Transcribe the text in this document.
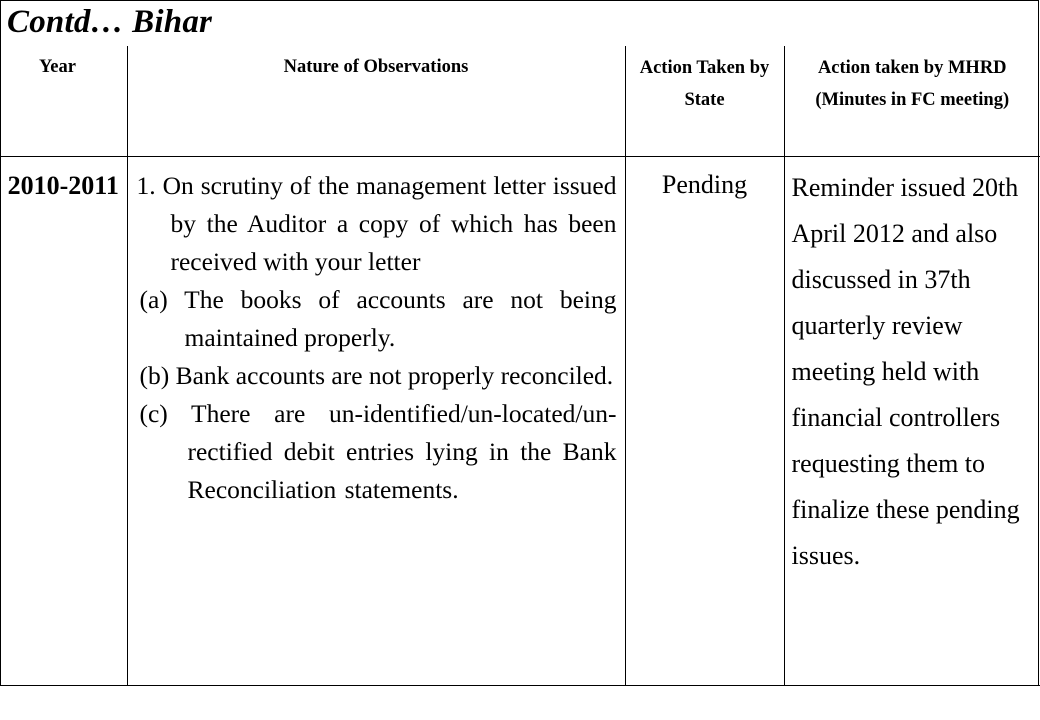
Contd… Bihar
Year	Nature of Observations	Action Taken by State	Action taken by MHRD (Minutes in FC meeting)
2010-2011	1. On scrutiny of the management letter issued by the Auditor a copy of which has been received with your letter
(a) The books of accounts are not being maintained properly.
(b) Bank accounts are not properly reconciled.
(c) There are un-identified/un-located/un-rectified debit entries lying in the Bank Reconciliation statements.	Pending	Reminder issued 20th April 2012 and also discussed in 37th quarterly review meeting held with financial controllers requesting them to finalize these pending issues.
